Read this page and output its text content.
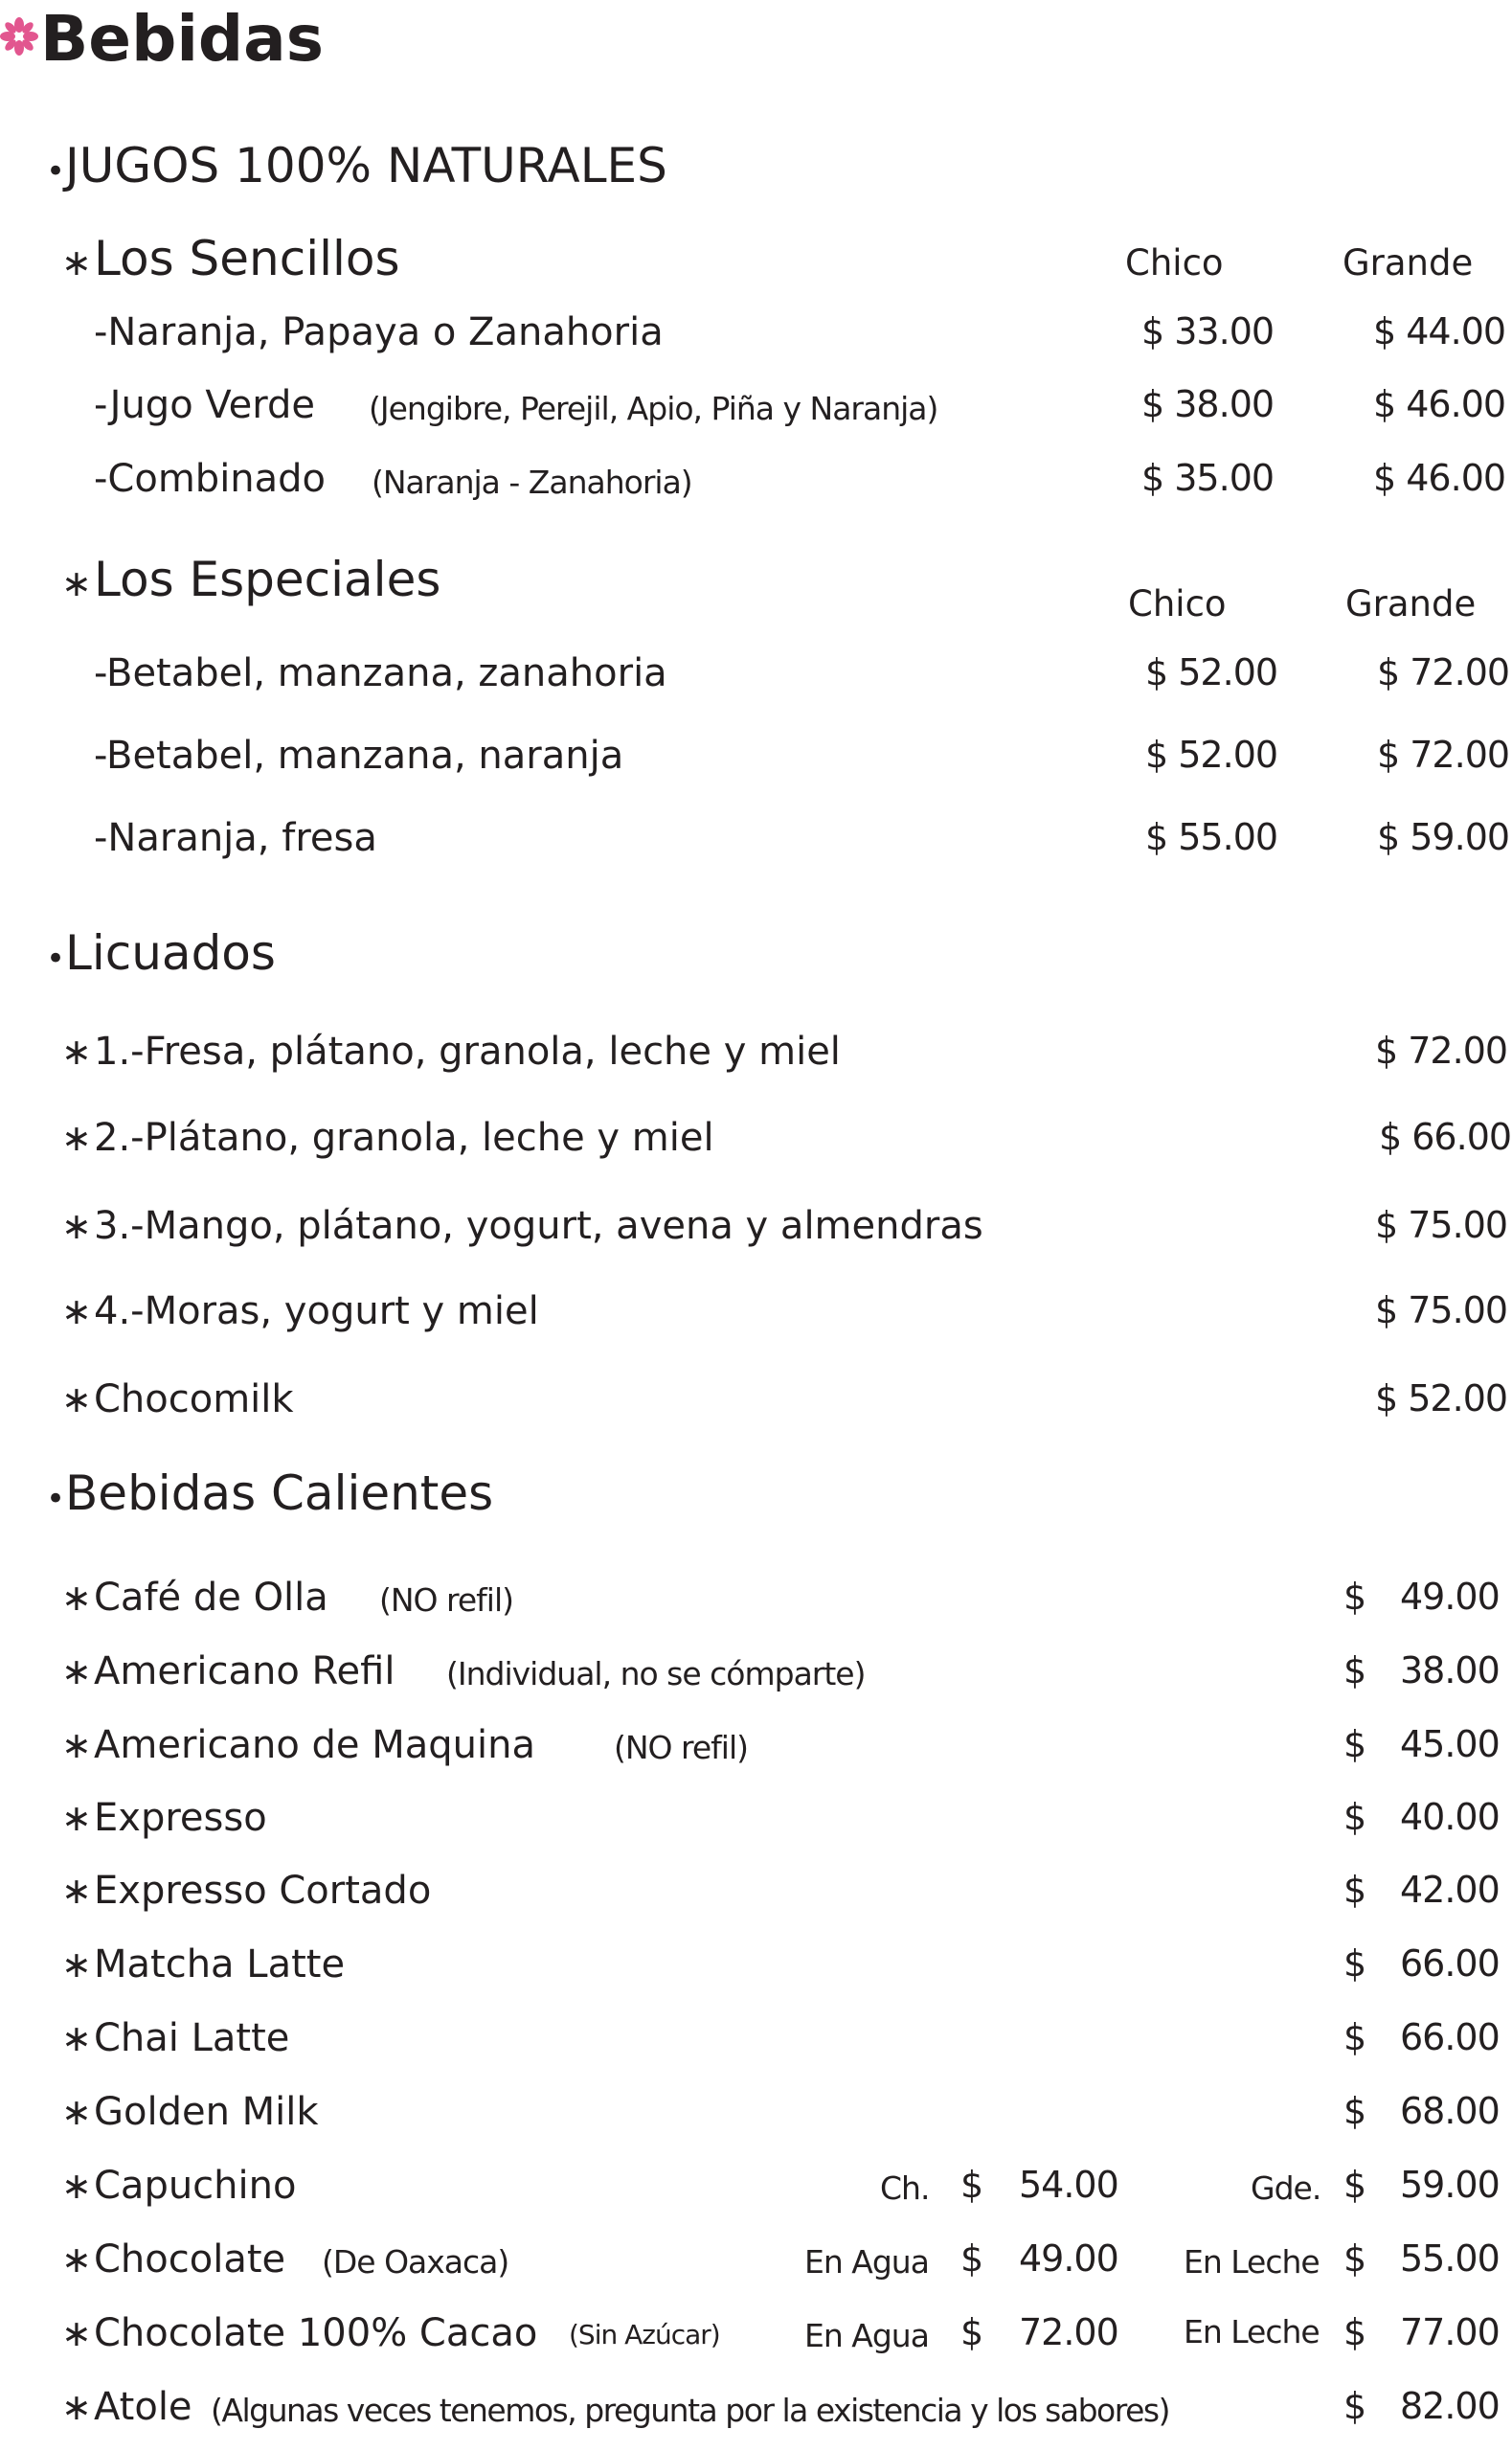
Bebidas
•JUGOS 100% NATURALES
∗Los Sencillos	Chico	Grande
-Naranja, Papaya o Zanahoria	$ 33.00	$ 44.00
-Jugo Verde (Jengibre, Perejil, Apio, Piña y Naranja)	$ 38.00	$ 46.00
-Combinado (Naranja - Zanahoria)	$ 35.00	$ 46.00
∗Los Especiales	Chico	Grande
-Betabel, manzana, zanahoria	$ 52.00	$ 72.00
-Betabel, manzana, naranja	$ 52.00	$ 72.00
-Naranja, fresa	$ 55.00	$ 59.00
•Licuados
∗1.-Fresa, plátano, granola, leche y miel	$ 72.00
∗2.-Plátano, granola, leche y miel	$ 66.00
∗3.-Mango, plátano, yogurt, avena y almendras	$ 75.00
∗4.-Moras, yogurt y miel	$ 75.00
∗Chocomilk	$ 52.00
•Bebidas Calientes
∗Café de Olla (NO refil)	$ 49.00
∗Americano Refil (Individual, no se cómparte)	$ 38.00
∗Americano de Maquina (NO refil)	$ 45.00
∗Expresso	$ 40.00
∗Expresso Cortado	$ 42.00
∗Matcha Latte	$ 66.00
∗Chai Latte	$ 66.00
∗Golden Milk	$ 68.00
∗Capuchino	Ch. $ 54.00	Gde. $ 59.00
∗Chocolate (De Oaxaca)	En Agua $ 49.00 En Leche $ 55.00
∗Chocolate 100% Cacao (Sin Azúcar)	En Agua $ 72.00 En Leche $ 77.00
∗Atole (Algunas veces tenemos, pregunta por la existencia y los sabores)	$ 82.00
